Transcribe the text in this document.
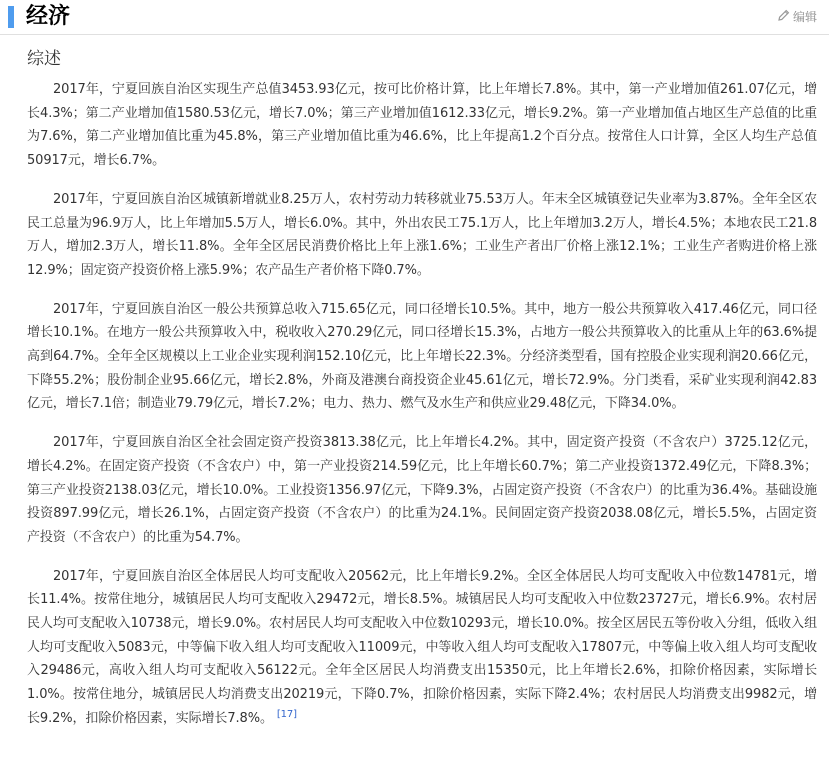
经济	编辑
综述

2017年，宁夏回族自治区实现生产总值3453.93亿元，按可比价格计算，比上年增长7.8%。其中，第一产业增加值261.07亿元，增长4.3%；第二产业增加值1580.53亿元，增长7.0%；第三产业增加值1612.33亿元，增长9.2%。第一产业增加值占地区生产总值的比重为7.6%，第二产业增加值比重为45.8%，第三产业增加值比重为46.6%，比上年提高1.2个百分点。按常住人口计算，全区人均生产总值50917元，增长6.7%。

2017年，宁夏回族自治区城镇新增就业8.25万人，农村劳动力转移就业75.53万人。年末全区城镇登记失业率为3.87%。全年全区农民工总量为96.9万人，比上年增加5.5万人，增长6.0%。其中，外出农民工75.1万人，比上年增加3.2万人，增长4.5%；本地农民工21.8万人，增加2.3万人，增长11.8%。全年全区居民消费价格比上年上涨1.6%；工业生产者出厂价格上涨12.1%；工业生产者购进价格上涨12.9%；固定资产投资价格上涨5.9%；农产品生产者价格下降0.7%。

2017年，宁夏回族自治区一般公共预算总收入715.65亿元，同口径增长10.5%。其中，地方一般公共预算收入417.46亿元，同口径增长10.1%。在地方一般公共预算收入中，税收收入270.29亿元，同口径增长15.3%，占地方一般公共预算收入的比重从上年的63.6%提高到64.7%。全年全区规模以上工业企业实现利润152.10亿元，比上年增长22.3%。分经济类型看，国有控股企业实现利润20.66亿元，下降55.2%；股份制企业95.66亿元，增长2.8%，外商及港澳台商投资企业45.61亿元，增长72.9%。分门类看，采矿业实现利润42.83亿元，增长7.1倍；制造业79.79亿元，增长7.2%；电力、热力、燃气及水生产和供应业29.48亿元，下降34.0%。

2017年，宁夏回族自治区全社会固定资产投资3813.38亿元，比上年增长4.2%。其中，固定资产投资（不含农户）3725.12亿元，增长4.2%。在固定资产投资（不含农户）中，第一产业投资214.59亿元，比上年增长60.7%；第二产业投资1372.49亿元，下降8.3%；第三产业投资2138.03亿元，增长10.0%。工业投资1356.97亿元，下降9.3%，占固定资产投资（不含农户）的比重为36.4%。基础设施投资897.99亿元，增长26.1%，占固定资产投资（不含农户）的比重为24.1%。民间固定资产投资2038.08亿元，增长5.5%，占固定资产投资（不含农户）的比重为54.7%。

2017年，宁夏回族自治区全体居民人均可支配收入20562元，比上年增长9.2%。全区全体居民人均可支配收入中位数14781元，增长11.4%。按常住地分，城镇居民人均可支配收入29472元，增长8.5%。城镇居民人均可支配收入中位数23727元，增长6.9%。农村居民人均可支配收入10738元，增长9.0%。农村居民人均可支配收入中位数10293元，增长10.0%。按全区居民五等份收入分组，低收入组人均可支配收入5083元，中等偏下收入组人均可支配收入11009元，中等收入组人均可支配收入17807元，中等偏上收入组人均可支配收入29486元，高收入组人均可支配收入56122元。全年全区居民人均消费支出15350元，比上年增长2.6%，扣除价格因素，实际增长1.0%。按常住地分，城镇居民人均消费支出20219元，下降0.7%，扣除价格因素，实际下降2.4%；农村居民人均消费支出9982元，增长9.2%，扣除价格因素，实际增长7.8%。 [17]
